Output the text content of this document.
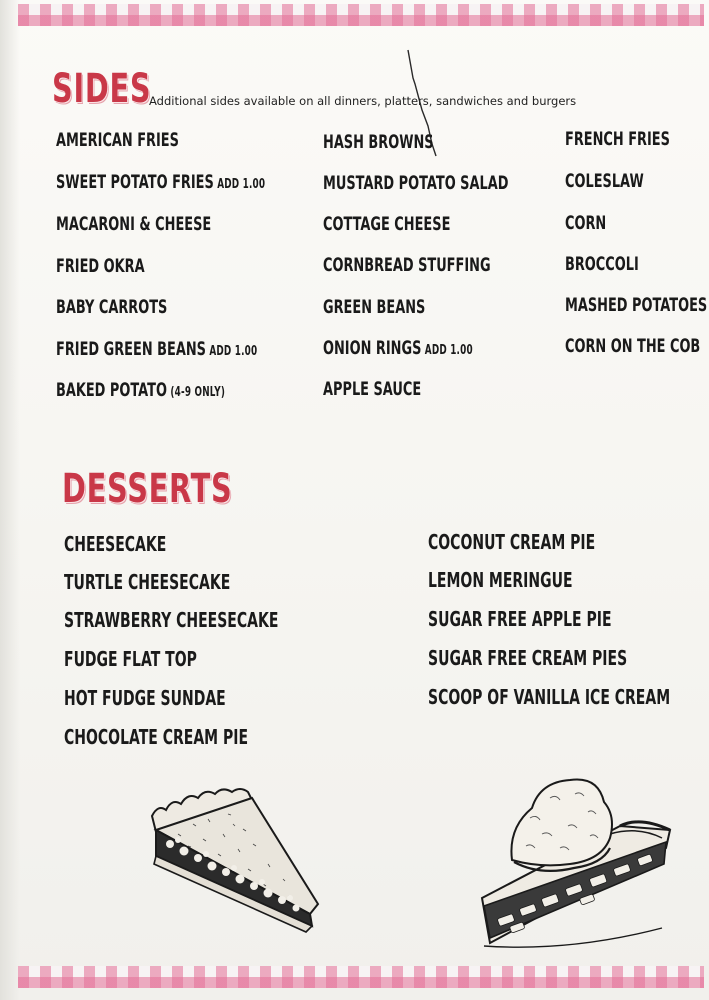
SIDES
Additional sides available on all dinners, platters, sandwiches and burgers
AMERICAN FRIES
SWEET POTATO FRIES ADD 1.00
MACARONI & CHEESE
FRIED OKRA
BABY CARROTS
FRIED GREEN BEANS ADD 1.00
BAKED POTATO (4-9 ONLY)
HASH BROWNS
MUSTARD POTATO SALAD
COTTAGE CHEESE
CORNBREAD STUFFING
GREEN BEANS
ONION RINGS ADD 1.00
APPLE SAUCE
FRENCH FRIES
COLESLAW
CORN
BROCCOLI
MASHED POTATOES
CORN ON THE COB
DESSERTS
CHEESECAKE
TURTLE CHEESECAKE
STRAWBERRY CHEESECAKE
FUDGE FLAT TOP
HOT FUDGE SUNDAE
CHOCOLATE CREAM PIE
COCONUT CREAM PIE
LEMON MERINGUE
SUGAR FREE APPLE PIE
SUGAR FREE CREAM PIES
SCOOP OF VANILLA ICE CREAM
